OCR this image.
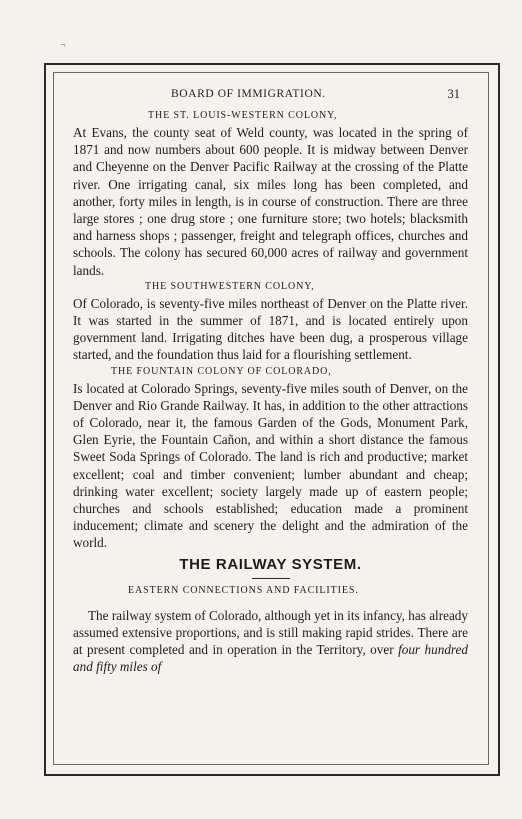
¬
BOARD OF IMMIGRATION.	31
THE ST. LOUIS-WESTERN COLONY,

At Evans, the county seat of Weld county, was located in the spring of 1871 and now numbers about 600 people. It is midway between Denver and Cheyenne on the Denver Pacific Railway at the crossing of the Platte river. One irrigating canal, six miles long has been completed, and another, forty miles in length, is in course of construction. There are three large stores ; one drug store ; one furniture store; two hotels; blacksmith and harness shops ; passenger, freight and telegraph offices, churches and schools. The colony has secured 60,000 acres of railway and government lands.

THE SOUTHWESTERN COLONY,

Of Colorado, is seventy-five miles northeast of Denver on the Platte river. It was started in the summer of 1871, and is located entirely upon government land. Irrigating ditches have been dug, a prosperous village started, and the foundation thus laid for a flourishing settlement.

THE FOUNTAIN COLONY OF COLORADO,

Is located at Colorado Springs, seventy-five miles south of Denver, on the Denver and Rio Grande Railway. It has, in addition to the other attractions of Colorado, near it, the famous Garden of the Gods, Monument Park, Glen Eyrie, the Fountain Cañon, and within a short distance the famous Sweet Soda Springs of Colorado. The land is rich and productive; market excellent; coal and timber convenient; lumber abundant and cheap; drinking water excellent; society largely made up of eastern people; churches and schools established; education made a prominent inducement; climate and scenery the delight and the admiration of the world.

THE RAILWAY SYSTEM.
EASTERN CONNECTIONS AND FACILITIES.

The railway system of Colorado, although yet in its infancy, has already assumed extensive proportions, and is still making rapid strides. There are at present completed and in operation in the Territory, over four hundred and fifty miles of
